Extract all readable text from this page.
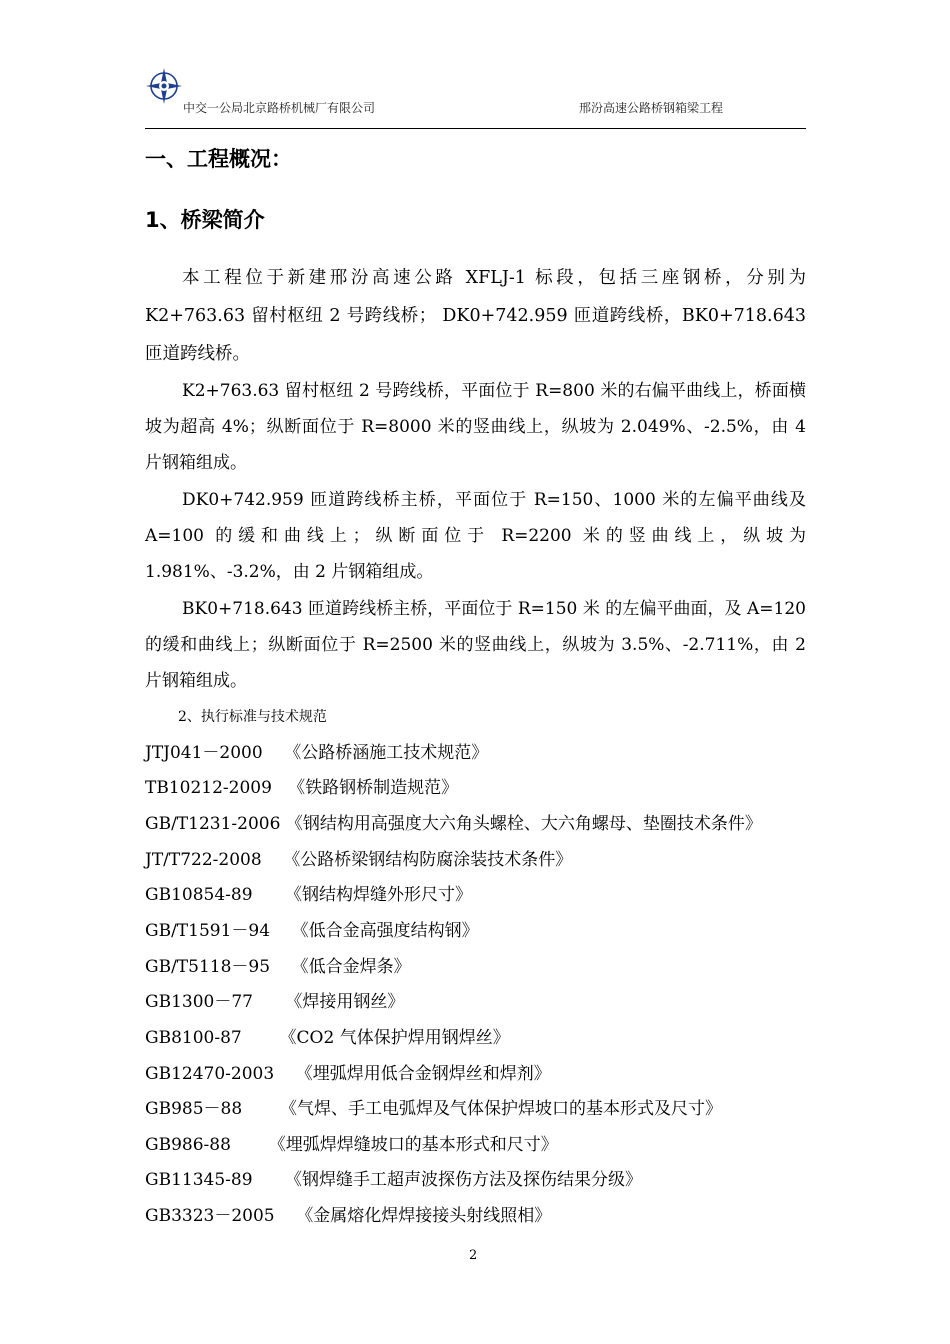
中交一公局北京路桥机械厂有限公司	邢汾高速公路桥钢箱梁工程
一、工程概况：
1、桥梁简介

本工程位于新建邢汾高速公路 XFLJ-1 标段，包括三座钢桥，分别为 K2+763.63 留村枢纽 2 号跨线桥； DK0+742.959 匝道跨线桥，BK0+718.643 匝道跨线桥。

K2+763.63 留村枢纽 2 号跨线桥，平面位于 R=800 米的右偏平曲线上，桥面横坡为超高 4%；纵断面位于 R=8000 米的竖曲线上，纵坡为 2.049%、-2.5%，由 4 片钢箱组成。

DK0+742.959 匝道跨线桥主桥，平面位于 R=150、1000 米的左偏平曲线及 A=100 的缓和曲线上；纵断面位于 R=2200 米的竖曲线上，纵坡为 1.981%、-3.2%，由 2 片钢箱组成。

BK0+718.643 匝道跨线桥主桥，平面位于 R=150 米 的左偏平曲面，及 A=120 的缓和曲线上；纵断面位于 R=2500 米的竖曲线上，纵坡为 3.5%、-2.711%，由 2 片钢箱组成。

2、执行标准与技术规范
JTJ041－2000    《公路桥涵施工技术规范》
TB10212-2009   《铁路钢桥制造规范》
GB/T1231-2006 《钢结构用高强度大六角头螺栓、大六角螺母、垫圈技术条件》
JT/T722-2008    《公路桥梁钢结构防腐涂装技术条件》
GB10854-89      《钢结构焊缝外形尺寸》
GB/T1591－94    《低合金高强度结构钢》
GB/T5118－95    《低合金焊条》
GB1300－77      《焊接用钢丝》
GB8100-87       《CO2 气体保护焊用钢焊丝》
GB12470-2003    《埋弧焊用低合金钢焊丝和焊剂》
GB985－88       《气焊、手工电弧焊及气体保护焊坡口的基本形式及尺寸》
GB986-88       《埋弧焊焊缝坡口的基本形式和尺寸》
GB11345-89      《钢焊缝手工超声波探伤方法及探伤结果分级》
GB3323－2005    《金属熔化焊焊接接头射线照相》
2
